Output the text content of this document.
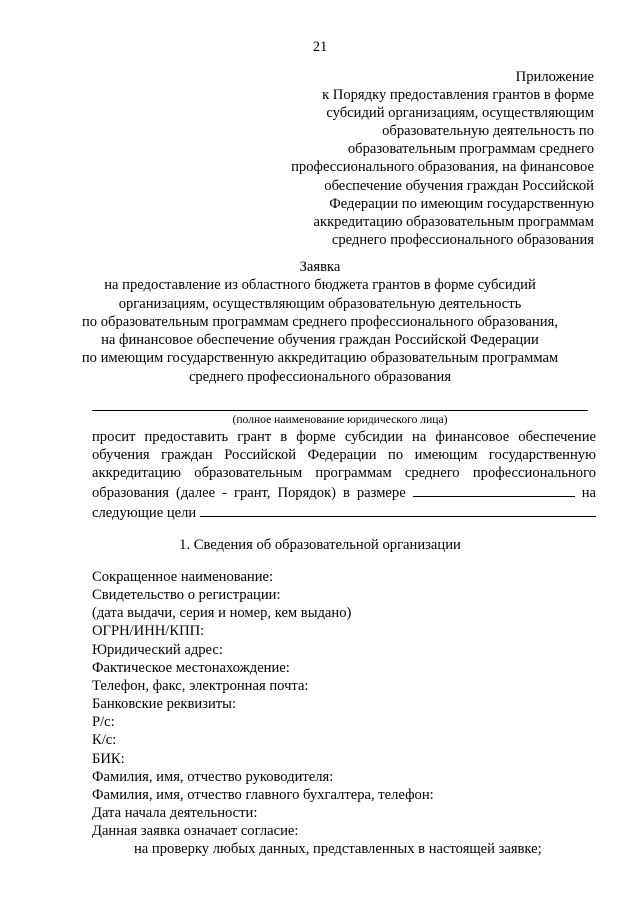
21
Приложение
к Порядку предоставления грантов в форме
субсидий организациям, осуществляющим
образовательную деятельность по
образовательным программам среднего
профессионального образования, на финансовое
обеспечение обучения граждан Российской
Федерации по имеющим государственную
аккредитацию образовательным программам
среднего профессионального образования
Заявка
на предоставление из областного бюджета грантов в форме субсидий
организациям, осуществляющим образовательную деятельность
по образовательным программам среднего профессионального образования,
на финансовое обеспечение обучения граждан Российской Федерации
по имеющим государственную аккредитацию образовательным программам
среднего профессионального образования
(полное наименование юридического лица)
просит предоставить грант в форме субсидии на финансовое обеспечение
обучения граждан Российской Федерации по имеющим государственную
аккредитацию образовательным программам среднего профессионального
образования (далее - грант, Порядок) в размере	на
следующие цели
1. Сведения об образовательной организации
Сокращенное наименование:
Свидетельство о регистрации:
(дата выдачи, серия и номер, кем выдано)
ОГРН/ИНН/КПП:
Юридический адрес:
Фактическое местонахождение:
Телефон, факс, электронная почта:
Банковские реквизиты:
Р/с:
К/с:
БИК:
Фамилия, имя, отчество руководителя:
Фамилия, имя, отчество главного бухгалтера, телефон:
Дата начала деятельности:
Данная заявка означает согласие:
на проверку любых данных, представленных в настоящей заявке;
